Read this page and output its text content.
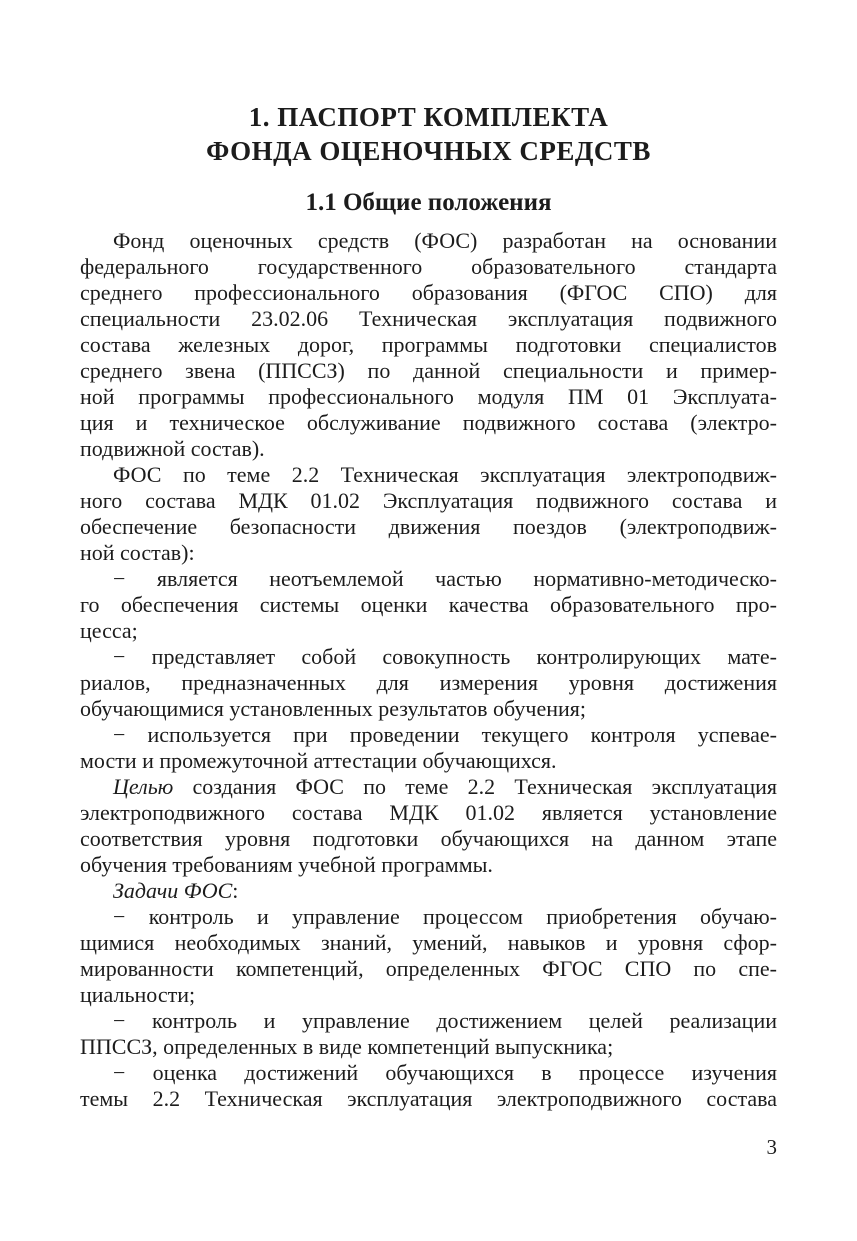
1. ПАСПОРТ КОМПЛЕКТА
ФОНДА ОЦЕНОЧНЫХ СРЕДСТВ
1.1 Общие положения
Фонд оценочных средств (ФОС) разработан на основании
федерального государственного образовательного стандарта
среднего профессионального образования (ФГОС СПО) для
специальности 23.02.06 Техническая эксплуатация подвижного
состава железных дорог, программы подготовки специалистов
среднего звена (ППССЗ) по данной специальности и пример-
ной программы профессионального модуля ПМ 01 Эксплуата-
ция и техническое обслуживание подвижного состава (электро-
подвижной состав).
ФОС по теме 2.2 Техническая эксплуатация электроподвиж-
ного состава МДК 01.02 Эксплуатация подвижного состава и
обеспечение безопасности движения поездов (электроподвиж-
ной состав):
− является неотъемлемой частью нормативно-методическо-
го обеспечения системы оценки качества образовательного про-
цесса;
− представляет собой совокупность контролирующих мате-
риалов, предназначенных для измерения уровня достижения
обучающимися установленных результатов обучения;
− используется при проведении текущего контроля успевае-
мости и промежуточной аттестации обучающихся.
Целью создания ФОС по теме 2.2 Техническая эксплуатация
электроподвижного состава МДК 01.02 является установление
соответствия уровня подготовки обучающихся на данном этапе
обучения требованиям учебной программы.
Задачи ФОС:
− контроль и управление процессом приобретения обучаю-
щимися необходимых знаний, умений, навыков и уровня сфор-
мированности компетенций, определенных ФГОС СПО по спе-
циальности;
− контроль и управление достижением целей реализации
ППССЗ, определенных в виде компетенций выпускника;
− оценка достижений обучающихся в процессе изучения
темы 2.2 Техническая эксплуатация электроподвижного состава
3
